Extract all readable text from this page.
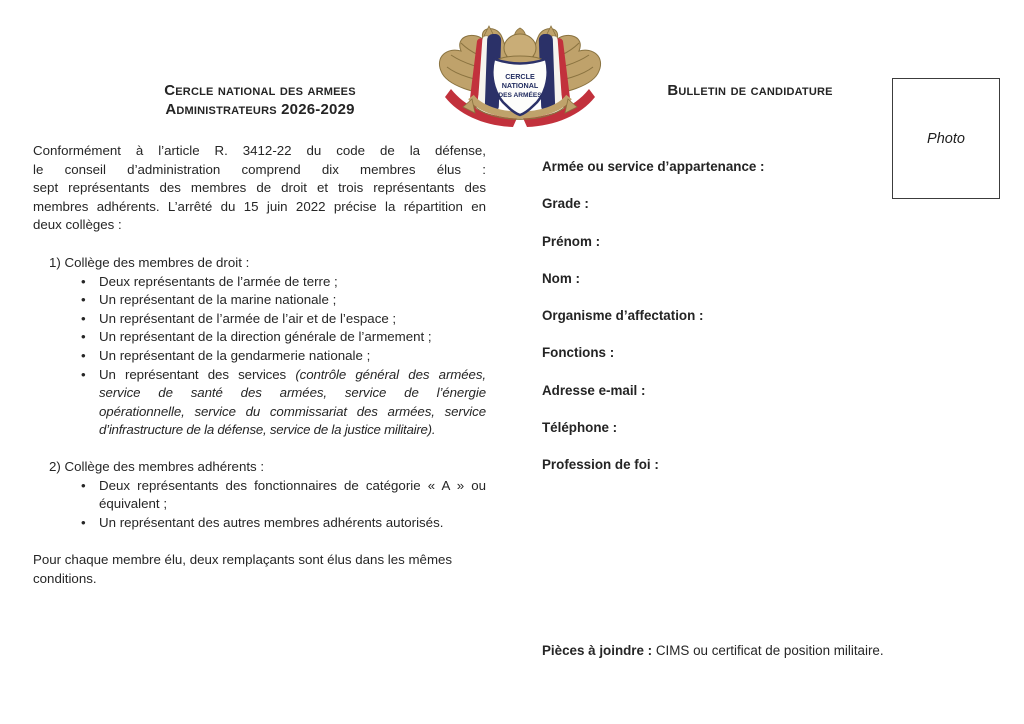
CERCLE
NATIONAL
DES ARMÉES
Cercle national des armees
Administrateurs 2026-2029
Bulletin de candidature
Photo
Conformément à l’article R. 3412-22 du code de la défense,
le conseil d’administration comprend dix membres élus :
sept représentants des membres de droit et trois représentants des
membres adhérents. L’arrêté du 15 juin 2022 précise la répartition en
deux collèges :

1) Collège des membres de droit :

• Deux représentants de l’armée de terre ;
• Un représentant de la marine nationale ;
• Un représentant de l’armée de l’air et de l’espace ;
• Un représentant de la direction générale de l’armement ;
• Un représentant de la gendarmerie nationale ;
• Un représentant des services (contrôle général des armées,
service de santé des armées, service de l’énergie
opérationnelle, service du commissariat des armées, service
d’infrastructure de la défense, service de la justice militaire).

2) Collège des membres adhérents :

• Deux représentants des fonctionnaires de catégorie « A » ou
équivalent ;
• Un représentant des autres membres adhérents autorisés.

Pour chaque membre élu, deux remplaçants sont élus dans les mêmes conditions.

Armée ou service d’appartenance :
Grade :
Prénom :
Nom :
Organisme d’affectation :
Fonctions :
Adresse e-mail :
Téléphone :
Profession de foi :
Pièces à joindre : CIMS ou certificat de position militaire.
